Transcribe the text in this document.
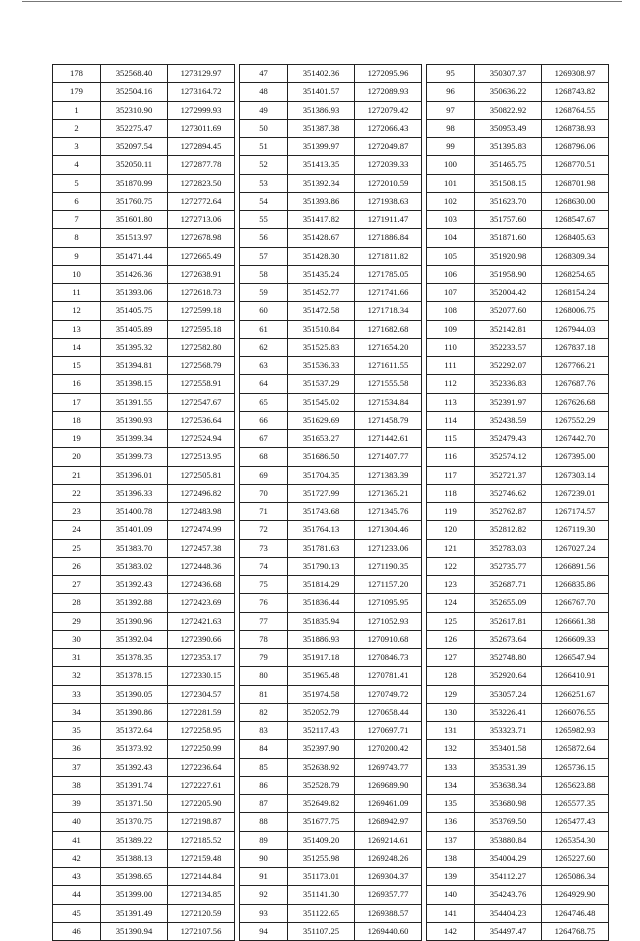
178	352568.40	1273129.97
179	352504.16	1273164.72
1	352310.90	1272999.93
2	352275.47	1273011.69
3	352097.54	1272894.45
4	352050.11	1272877.78
5	351870.99	1272823.50
6	351760.75	1272772.64
7	351601.80	1272713.06
8	351513.97	1272678.98
9	351471.44	1272665.49
10	351426.36	1272638.91
11	351393.06	1272618.73
12	351405.75	1272599.18
13	351405.89	1272595.18
14	351395.32	1272582.80
15	351394.81	1272568.79
16	351398.15	1272558.91
17	351391.55	1272547.67
18	351390.93	1272536.64
19	351399.34	1272524.94
20	351399.73	1272513.95
21	351396.01	1272505.81
22	351396.33	1272496.82
23	351400.78	1272483.98
24	351401.09	1272474.99
25	351383.70	1272457.38
26	351383.02	1272448.36
27	351392.43	1272436.68
28	351392.88	1272423.69
29	351390.96	1272421.63
30	351392.04	1272390.66
31	351378.35	1272353.17
32	351378.15	1272330.15
33	351390.05	1272304.57
34	351390.86	1272281.59
35	351372.64	1272258.95
36	351373.92	1272250.99
37	351392.43	1272236.64
38	351391.74	1272227.61
39	351371.50	1272205.90
40	351370.75	1272198.87
41	351389.22	1272185.52
42	351388.13	1272159.48
43	351398.65	1272144.84
44	351399.00	1272134.85
45	351391.49	1272120.59
46	351390.94	1272107.56
47	351402.36	1272095.96
48	351401.57	1272089.93
49	351386.93	1272079.42
50	351387.38	1272066.43
51	351399.97	1272049.87
52	351413.35	1272039.33
53	351392.34	1272010.59
54	351393.86	1271938.63
55	351417.82	1271911.47
56	351428.67	1271886.84
57	351428.30	1271811.82
58	351435.24	1271785.05
59	351452.77	1271741.66
60	351472.58	1271718.34
61	351510.84	1271682.68
62	351525.83	1271654.20
63	351536.33	1271611.55
64	351537.29	1271555.58
65	351545.02	1271534.84
66	351629.69	1271458.79
67	351653.27	1271442.61
68	351686.50	1271407.77
69	351704.35	1271383.39
70	351727.99	1271365.21
71	351743.68	1271345.76
72	351764.13	1271304.46
73	351781.63	1271233.06
74	351790.13	1271190.35
75	351814.29	1271157.20
76	351836.44	1271095.95
77	351835.94	1271052.93
78	351886.93	1270910.68
79	351917.18	1270846.73
80	351965.48	1270781.41
81	351974.58	1270749.72
82	352052.79	1270658.44
83	352117.43	1270697.71
84	352397.90	1270200.42
85	352638.92	1269743.77
86	352528.79	1269689.90
87	352649.82	1269461.09
88	351677.75	1268942.97
89	351409.20	1269214.61
90	351255.98	1269248.26
91	351173.01	1269304.37
92	351141.30	1269357.77
93	351122.65	1269388.57
94	351107.25	1269440.60
95	350307.37	1269308.97
96	350636.22	1268743.82
97	350822.92	1268764.55
98	350953.49	1268738.93
99	351395.83	1268796.06
100	351465.75	1268770.51
101	351508.15	1268701.98
102	351623.70	1268630.00
103	351757.60	1268547.67
104	351871.60	1268405.63
105	351920.98	1268309.34
106	351958.90	1268254.65
107	352004.42	1268154.24
108	352077.60	1268006.75
109	352142.81	1267944.03
110	352233.57	1267837.18
111	352292.07	1267766.21
112	352336.83	1267687.76
113	352391.97	1267626.68
114	352438.59	1267552.29
115	352479.43	1267442.70
116	352574.12	1267395.00
117	352721.37	1267303.14
118	352746.62	1267239.01
119	352762.87	1267174.57
120	352812.82	1267119.30
121	352783.03	1267027.24
122	352735.77	1266891.56
123	352687.71	1266835.86
124	352655.09	1266767.70
125	352617.81	1266661.38
126	352673.64	1266609.33
127	352748.80	1266547.94
128	352920.64	1266410.91
129	353057.24	1266251.67
130	353226.41	1266076.55
131	353323.71	1265982.93
132	353401.58	1265872.64
133	353531.39	1265736.15
134	353638.34	1265623.88
135	353680.98	1265577.35
136	353769.50	1265477.43
137	353880.84	1265354.30
138	354004.29	1265227.60
139	354112.27	1265086.34
140	354243.76	1264929.90
141	354404.23	1264746.48
142	354497.47	1264768.75
